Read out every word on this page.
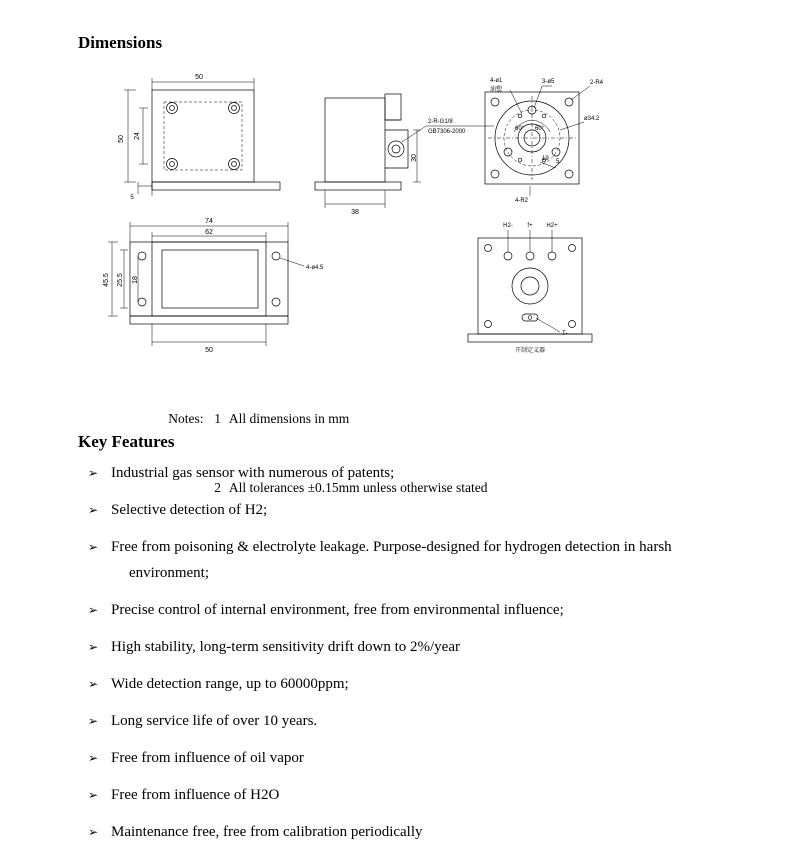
Dimensions
50
50 24
5
2-R-G1/8
GB7306-2000
30
38
60° 60°
4-ø1
油塑
3-ø5	2-R4
ø34.2
4-R2
19 5
74
62
45.5 25.5 18
50
4-ø4.5
H2- f+ H2+
T-
开制定义器

Notes: 1 All dimensions in mm

2 All tolerances ±0.15mm unless otherwise stated

Key Features
➢ Industrial gas sensor with numerous of patents;
➢ Selective detection of H2;
➢ Free from poisoning & electrolyte leakage. Purpose-designed for hydrogen detection in harsh
environment;
➢ Precise control of internal environment, free from environmental influence;
➢ High stability, long-term sensitivity drift down to 2%/year
➢ Wide detection range, up to 60000ppm;
➢ Long service life of over 10 years.
➢ Free from influence of oil vapor
➢ Free from influence of H2O
➢ Maintenance free, free from calibration periodically
